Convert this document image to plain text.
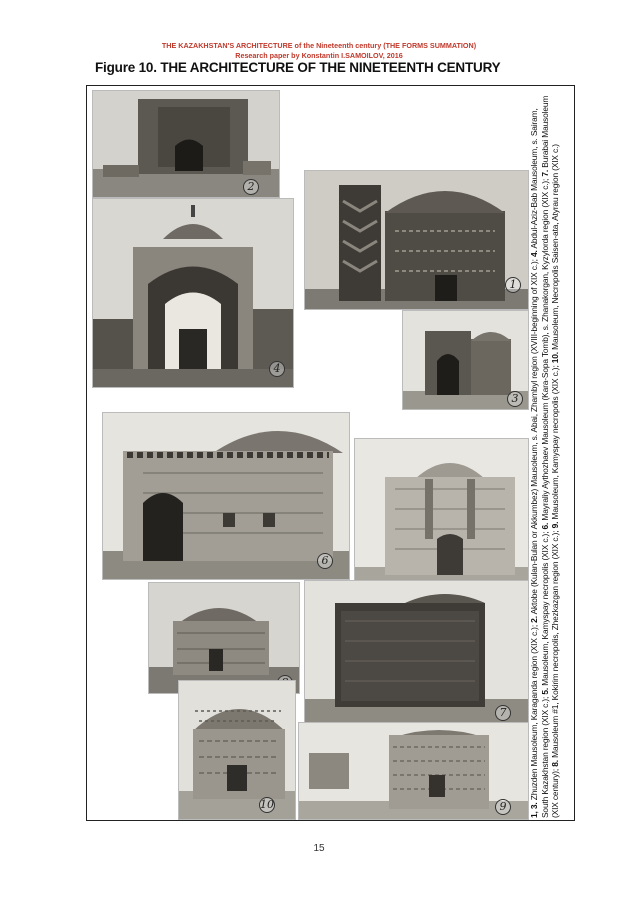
THE KAZAKHSTAN'S ARCHITECTURE of the Nineteenth century (THE FORMS SUMMATION)
Research paper by Konstantin I.SAMOILOV, 2016
Figure 10. THE ARCHITECTURE OF THE NINETEENTH CENTURY
2
1
4
3
6
7
10	9	1, 3. Zhuzden Mausoleum, Karaganda region (XIX c.); 2. Aktobe (Kulan-Bulan or Akkumbez) Mausoleum, s. Abai, Zhambyl region (XVIII-beginning of XIX c.); 4. Abdul-Aziz-Bab Mausoleum, s. Sairam, South Kazakhstan region (XIX c.); 5. Mausoleum, Kamyspay necropolis (XIX c.); 6. Mayraliy Aythozhaev Mausoleum (Kara-Sopa Tomb), s. Zhanakorgan, Kyzylorda region (XIX c.); 7. Burabai Mausoleum (XIX century); 8. Mausoleum #1, Kokirim necropolis, Zhezkazgan region (XIX c.); 9. Mausoleum, Kamyspay necropolis (XIX c.); 10. Mausoleum, Necropolis Saisen-ata, Atyrau region (XIX c.)
15
